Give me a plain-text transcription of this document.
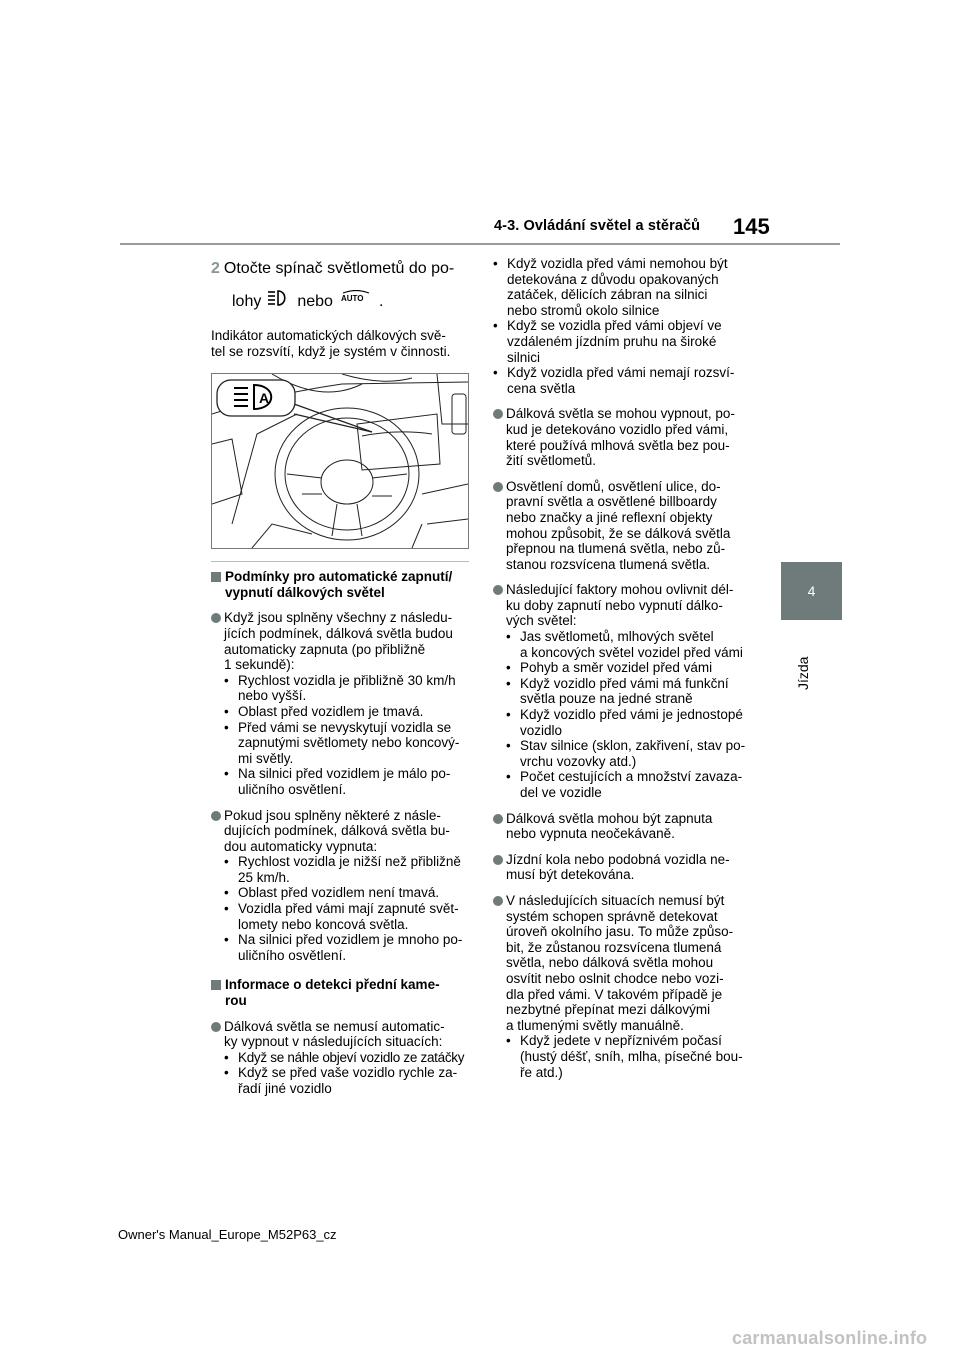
4-3. Ovládání světel a stěračů 145
4
Jízda
2 Otočte spínač světlometů do po-
lohy nebo AUTO .
Indikátor automatických dálkových svě-
tel se rozsvítí, když je systém v činnosti.
A
Podmínky pro automatické zapnutí/
vypnutí dálkových světel
Když jsou splněny všechny z následu-
jících podmínek, dálková světla budou
automaticky zapnuta (po přibližně
1 sekundě):
• Rychlost vozidla je přibližně 30 km/h
nebo vyšší.
• Oblast před vozidlem je tmavá.
• Před vámi se nevyskytují vozidla se
zapnutými světlomety nebo koncový-
mi světly.
• Na silnici před vozidlem je málo po-
uličního osvětlení.
Pokud jsou splněny některé z násle-
dujících podmínek, dálková světla bu-
dou automaticky vypnuta:
• Rychlost vozidla je nižší než přibližně
25 km/h.
• Oblast před vozidlem není tmavá.
• Vozidla před vámi mají zapnuté svět-
lomety nebo koncová světla.
• Na silnici před vozidlem je mnoho po-
uličního osvětlení.
Informace o detekci přední kame-
rou
Dálková světla se nemusí automatic-
ky vypnout v následujících situacích:
• Když se náhle objeví vozidlo ze zatáčky
• Když se před vaše vozidlo rychle za-
řadí jiné vozidlo
• Když vozidla před vámi nemohou být
detekována z důvodu opakovaných
zatáček, dělicích zábran na silnici
nebo stromů okolo silnice
• Když se vozidla před vámi objeví ve
vzdáleném jízdním pruhu na široké
silnici
• Když vozidla před vámi nemají rozsví-
cena světla
Dálková světla se mohou vypnout, po-
kud je detekováno vozidlo před vámi,
které používá mlhová světla bez pou-
žití světlometů.
Osvětlení domů, osvětlení ulice, do-
pravní světla a osvětlené billboardy
nebo značky a jiné reflexní objekty
mohou způsobit, že se dálková světla
přepnou na tlumená světla, nebo zů-
stanou rozsvícena tlumená světla.
Následující faktory mohou ovlivnit dél-
ku doby zapnutí nebo vypnutí dálko-
vých světel:
• Jas světlometů, mlhových světel
a koncových světel vozidel před vámi
• Pohyb a směr vozidel před vámi
• Když vozidlo před vámi má funkční
světla pouze na jedné straně
• Když vozidlo před vámi je jednostopé
vozidlo
• Stav silnice (sklon, zakřivení, stav po-
vrchu vozovky atd.)
• Počet cestujících a množství zavaza-
del ve vozidle
Dálková světla mohou být zapnuta
nebo vypnuta neočekávaně.
Jízdní kola nebo podobná vozidla ne-
musí být detekována.
V následujících situacích nemusí být
systém schopen správně detekovat
úroveň okolního jasu. To může způso-
bit, že zůstanou rozsvícena tlumená
světla, nebo dálková světla mohou
osvítit nebo oslnit chodce nebo vozi-
dla před vámi. V takovém případě je
nezbytné přepínat mezi dálkovými
a tlumenými světly manuálně.
• Když jedete v nepříznivém počasí
(hustý déšť, sníh, mlha, písečné bou-
ře atd.)
Owner's Manual_Europe_M52P63_cz
carmanualsonline.info
